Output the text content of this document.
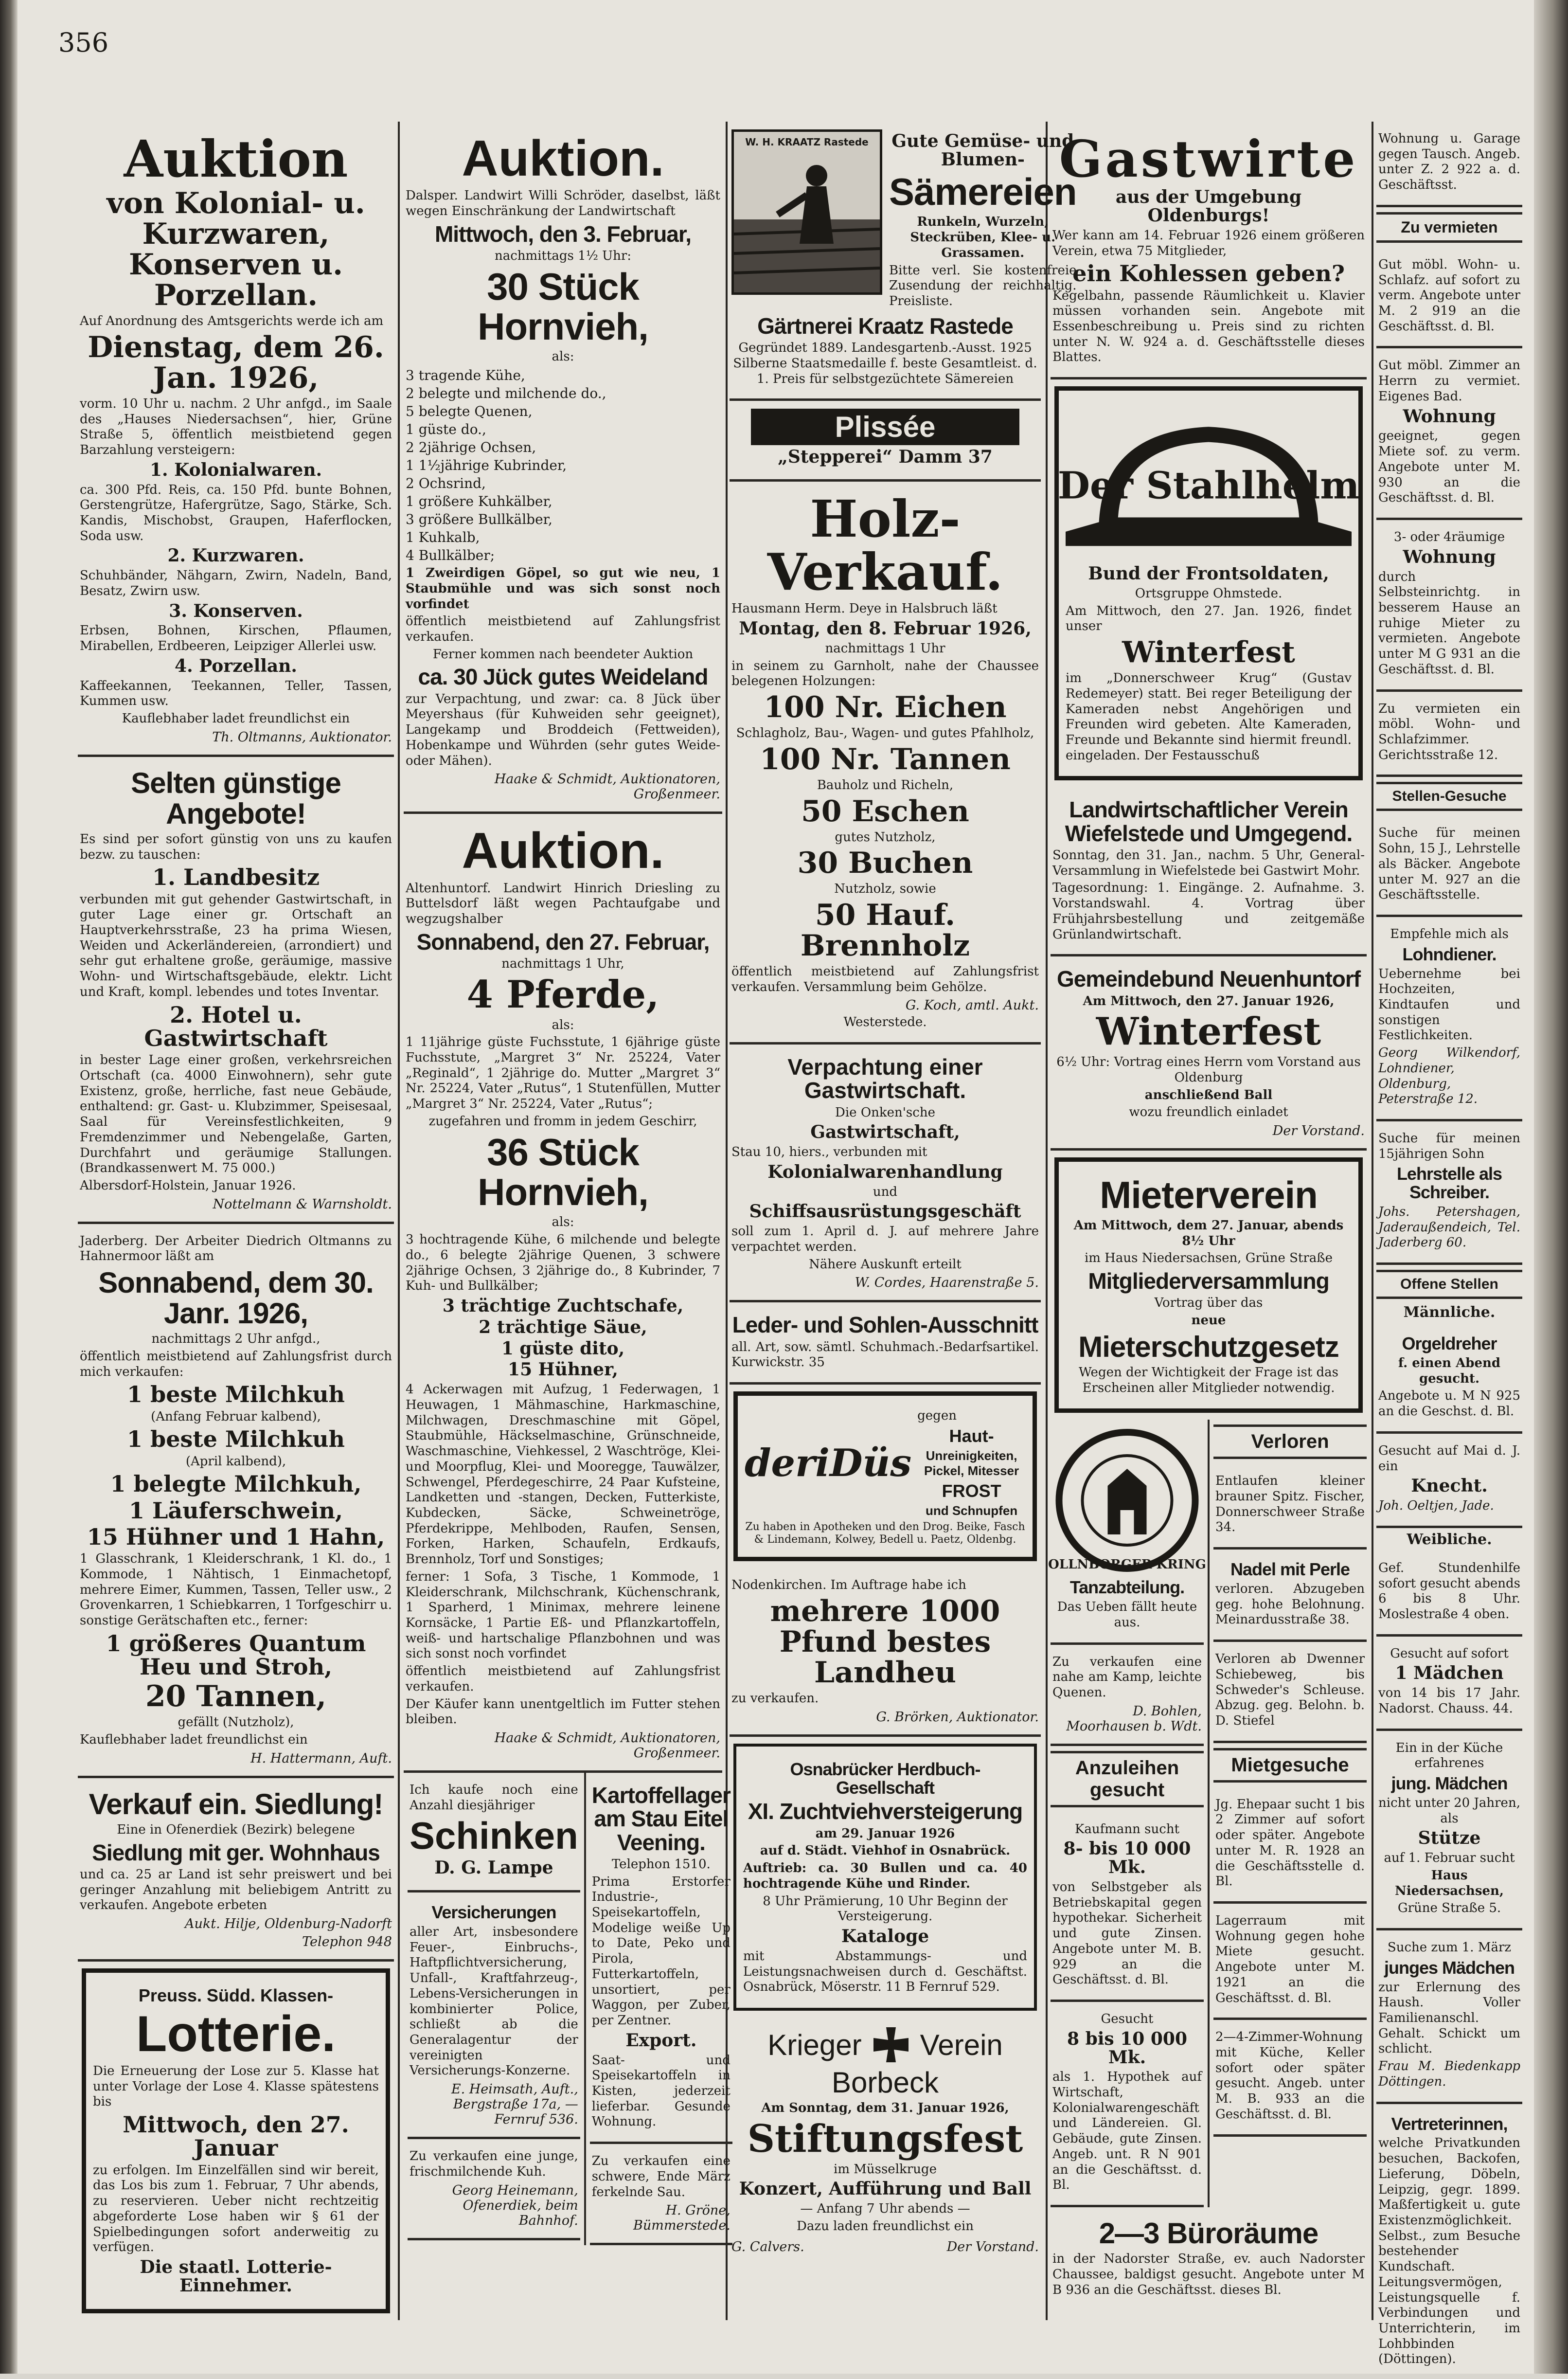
356
Auktion
von Kolonial- u. Kurzwaren, Konserven u. Porzellan.
Auf Anordnung des Amtsgerichts werde ich am
Dienstag, dem 26. Jan. 1926,
vorm. 10 Uhr u. nachm. 2 Uhr anfgd., im Saale des „Hauses Niedersachsen“, hier, Grüne Straße 5, öffentlich meistbietend gegen Barzahlung versteigern:
1. Kolonialwaren.
ca. 300 Pfd. Reis, ca. 150 Pfd. bunte Bohnen, Gerstengrütze, Hafergrütze, Sago, Stärke, Sch. Kandis, Mischobst, Graupen, Haferflocken, Soda usw.
2. Kurzwaren.
Schuhbänder, Nähgarn, Zwirn, Nadeln, Band, Besatz, Zwirn usw.
3. Konserven.
Erbsen, Bohnen, Kirschen, Pflaumen, Mirabellen, Erdbeeren, Leipziger Allerlei usw.
4. Porzellan.
Kaffeekannen, Teekannen, Teller, Tassen, Kummen usw.
Kauflebhaber ladet freundlichst ein
Th. Oltmanns, Auktionator.
Selten günstige Angebote!
Es sind per sofort günstig von uns zu kaufen bezw. zu tauschen:
1. Landbesitz
verbunden mit gut gehender Gastwirtschaft, in guter Lage einer gr. Ortschaft an Hauptverkehrsstraße, 23 ha prima Wiesen, Weiden und Ackerländereien, (arrondiert) und sehr gut erhaltene große, geräumige, massive Wohn- und Wirtschaftsgebäude, elektr. Licht und Kraft, kompl. lebendes und totes Inventar.
2. Hotel u. Gastwirtschaft
in bester Lage einer großen, verkehrsreichen Ortschaft (ca. 4000 Einwohnern), sehr gute Existenz, große, herrliche, fast neue Gebäude, enthaltend: gr. Gast- u. Klubzimmer, Speisesaal, Saal für Vereinsfestlichkeiten, 9 Fremdenzimmer und Nebengelaße, Garten, Durchfahrt und geräumige Stallungen. (Brandkassenwert M. 75 000.)
Albersdorf-Holstein, Januar 1926.
Nottelmann & Warnsholdt.
Jaderberg. Der Arbeiter Diedrich Oltmanns zu Hahnermoor läßt am
Sonnabend, dem 30. Janr. 1926,
nachmittags 2 Uhr anfgd.,
öffentlich meistbietend auf Zahlungsfrist durch mich verkaufen:
1 beste Milchkuh
(Anfang Februar kalbend),
1 beste Milchkuh
(April kalbend),
1 belegte Milchkuh,
1 Läuferschwein,
15 Hühner und 1 Hahn,
1 Glasschrank, 1 Kleiderschrank, 1 Kl. do., 1 Kommode, 1 Nähtisch, 1 Einmachetopf, mehrere Eimer, Kummen, Tassen, Teller usw., 2 Grovenkarren, 1 Schiebkarren, 1 Torfgeschirr u. sonstige Gerätschaften etc., ferner:
1 größeres Quantum Heu und Stroh,
20 Tannen,
gefällt (Nutzholz),
Kauflebhaber ladet freundlichst ein
H. Hattermann, Auft.
Verkauf ein. Siedlung!
Eine in Ofenerdiek (Bezirk) belegene
Siedlung mit ger. Wohnhaus
und ca. 25 ar Land ist sehr preiswert und bei geringer Anzahlung mit beliebigem Antritt zu verkaufen. Angebote erbeten
Aukt. Hilje, Oldenburg-Nadorft
Telephon 948
Preuss. Südd. Klassen-
Lotterie.
Die Erneuerung der Lose zur 5. Klasse hat unter Vorlage der Lose 4. Klasse spätestens bis
Mittwoch, den 27. Januar
zu erfolgen. Im Einzelfällen sind wir bereit, das Los bis zum 1. Februar, 7 Uhr abends, zu reservieren. Ueber nicht rechtzeitig abgeforderte Lose haben wir § 61 der Spielbedingungen sofort anderweitig zu verfügen.
Die staatl. Lotterie-Einnehmer.
Auktion.
Dalsper. Landwirt Willi Schröder, daselbst, läßt wegen Einschränkung der Landwirtschaft
Mittwoch, den 3. Februar,
nachmittags 1½ Uhr:
30 Stück Hornvieh,
als:
3 tragende Kühe,
2 belegte und milchende do.,
5 belegte Quenen,
1 güste do.,
2 2jährige Ochsen,
1 1½jährige Kubrinder,
2 Ochsrind,
1 größere Kuhkälber,
3 größere Bullkälber,
1 Kuhkalb,
4 Bullkälber;
1 Zweirdigen Göpel, so gut wie neu, 1 Staubmühle und was sich sonst noch vorfindet
öffentlich meistbietend auf Zahlungsfrist verkaufen.
Ferner kommen nach beendeter Auktion
ca. 30 Jück gutes Weideland
zur Verpachtung, und zwar: ca. 8 Jück über Meyershaus (für Kuhweiden sehr geeignet), Langekamp und Broddeich (Fettweiden), Hobenkampe und Wührden (sehr gutes Weide- oder Mähen).
Haake & Schmidt, Auktionatoren, Großenmeer.
Auktion.
Altenhuntorf. Landwirt Hinrich Driesling zu Buttelsdorf läßt wegen Pachtaufgabe und wegzugshalber
Sonnabend, den 27. Februar,
nachmittags 1 Uhr,
4 Pferde,
als:
1 11jährige güste Fuchsstute, 1 6jährige güste Fuchsstute, „Margret 3“ Nr. 25224, Vater „Reginald“, 1 2jährige do. Mutter „Margret 3“ Nr. 25224, Vater „Rutus“, 1 Stutenfüllen, Mutter „Margret 3“ Nr. 25224, Vater „Rutus“;
zugefahren und fromm in jedem Geschirr,
36 Stück Hornvieh,
als:
3 hochtragende Kühe, 6 milchende und belegte do., 6 belegte 2jährige Quenen, 3 schwere 2jährige Ochsen, 3 2jährige do., 8 Kubrinder, 7 Kuh- und Bullkälber;
3 trächtige Zuchtschafe,
2 trächtige Säue,
1 güste dito,
15 Hühner,
4 Ackerwagen mit Aufzug, 1 Federwagen, 1 Heuwagen, 1 Mähmaschine, Harkmaschine, Milchwagen, Dreschmaschine mit Göpel, Staubmühle, Häckselmaschine, Grünschneide, Waschmaschine, Viehkessel, 2 Waschtröge, Klei- und Moorpflug, Klei- und Mooregge, Tauwälzer, Schwengel, Pferdegeschirre, 24 Paar Kufsteine, Landketten und -stangen, Decken, Futterkiste, Kubdecken, Säcke, Schweinetröge, Pferdekrippe, Mehlboden, Raufen, Sensen, Forken, Harken, Schaufeln, Erdkaufs, Brennholz, Torf und Sonstiges;
ferner: 1 Sofa, 3 Tische, 1 Kommode, 1 Kleiderschrank, Milchschrank, Küchenschrank, 1 Sparherd, 1 Minimax, mehrere leinene Kornsäcke, 1 Partie Eß- und Pflanzkartoffeln, weiß- und hartschalige Pflanzbohnen und was sich sonst noch vorfindet
öffentlich meistbietend auf Zahlungsfrist verkaufen.
Der Käufer kann unentgeltlich im Futter stehen bleiben.
Haake & Schmidt, Auktionatoren, Großenmeer.
Ich kaufe noch eine Anzahl diesjähriger
Schinken
D. G. Lampe
Versicherungen
aller Art, insbesondere Feuer-, Einbruchs-, Haftpflichtversicherung, Unfall-, Kraftfahrzeug-, Lebens-Versicherungen in kombinierter Police, schließt ab die Generalagentur der vereinigten Versicherungs-Konzerne.
E. Heimsath, Auft., Bergstraße 17a, — Fernruf 536.
Zu verkaufen eine junge, frischmilchende Kuh.
Georg Heinemann, Ofenerdiek, beim Bahnhof.
Kartoffellager am Stau Eitel Veening.
Telephon 1510.
Prima Erstorfer Industrie-, Speisekartoffeln, Modelige weiße Up to Date, Peko und Pirola, Futterkartoffeln, unsortiert, per Waggon, per Zuber, per Zentner.
Export.
Saat- und Speisekartoffeln in Kisten, jederzeit lieferbar. Gesunde Wohnung.
Zu verkaufen eine schwere, Ende März ferkelnde Sau.
H. Gröne, Bümmerstede.
W. H. KRAATZ Rastede Gute Gemüse- und Blumen-
Sämereien
Runkeln, Wurzeln, Steckrüben, Klee- u. Grassamen.
Bitte verl. Sie kostenfreie Zusendung der reichhaltig. Preisliste.
Gärtnerei Kraatz Rastede
Gegründet 1889. Landesgartenb.-Ausst. 1925 Silberne Staatsmedaille f. beste Gesamtleist. d. 1. Preis für selbstgezüchtete Sämereien
Plissée
„Stepperei“ Damm 37
Holz-Verkauf.
Hausmann Herm. Deye in Halsbruch läßt
Montag, den 8. Februar 1926,
nachmittags 1 Uhr
in seinem zu Garnholt, nahe der Chaussee belegenen Holzungen:
100 Nr. Eichen
Schlagholz, Bau-, Wagen- und gutes Pfahlholz,
100 Nr. Tannen
Bauholz und Richeln,
50 Eschen
gutes Nutzholz,
30 Buchen
Nutzholz, sowie
50 Hauf. Brennholz
öffentlich meistbietend auf Zahlungsfrist verkaufen. Versammlung beim Gehölze.
G. Koch, amtl. Aukt.
Westerstede.
Verpachtung einer Gastwirtschaft.
Die Onken'sche
Gastwirtschaft,
Stau 10, hiers., verbunden mit
Kolonialwarenhandlung
und
Schiffsausrüstungsgeschäft
soll zum 1. April d. J. auf mehrere Jahre verpachtet werden.
Nähere Auskunft erteilt
W. Cordes, Haarenstraße 5.
Leder- und Sohlen-Ausschnitt
all. Art, sow. sämtl. Schuhmach.-Bedarfsartikel. Kurwickstr. 35
deriDüs
gegen
Haut-
Unreinigkeiten, Pickel, Mitesser
FROST
und Schnupfen
Zu haben in Apotheken und den Drog. Beike, Fasch & Lindemann, Kolwey, Bedell u. Paetz, Oldenbg.
Nodenkirchen. Im Auftrage habe ich
mehrere 1000 Pfund bestes Landheu
zu verkaufen.
G. Brörken, Auktionator.
Osnabrücker Herdbuch-Gesellschaft
XI. Zuchtviehversteigerung
am 29. Januar 1926
auf d. Städt. Viehhof in Osnabrück.
Auftrieb: ca. 30 Bullen und ca. 40 hochtragende Kühe und Rinder.
8 Uhr Prämierung, 10 Uhr Beginn der Versteigerung.
Kataloge
mit Abstammungs- und Leistungsnachweisen durch d. Geschäftst. Osnabrück, Möserstr. 11 B Fernruf 529.
Krieger Verein
Borbeck
Am Sonntag, dem 31. Januar 1926,
Stiftungsfest
im Müsselkruge
Konzert, Aufführung und Ball
— Anfang 7 Uhr abends —
Dazu laden freundlichst ein
G. Calvers.	Der Vorstand.
Gastwirte
aus der Umgebung Oldenburgs!
Wer kann am 14. Februar 1926 einem größeren Verein, etwa 75 Mitglieder,
ein Kohlessen geben?
Kegelbahn, passende Räumlichkeit u. Klavier müssen vorhanden sein. Angebote mit Essenbeschreibung u. Preis sind zu richten unter N. W. 924 a. d. Geschäftsstelle dieses Blattes.
Der Stahlhelm
Bund der Frontsoldaten,
Ortsgruppe Ohmstede.
Am Mittwoch, den 27. Jan. 1926, findet unser
Winterfest
im „Donnerschweer Krug“ (Gustav Redemeyer) statt. Bei reger Beteiligung der Kameraden nebst Angehörigen und Freunden wird gebeten. Alte Kameraden, Freunde und Bekannte sind hiermit freundl. eingeladen. Der Festausschuß
Landwirtschaftlicher Verein Wiefelstede und Umgegend.
Sonntag, den 31. Jan., nachm. 5 Uhr, General-Versammlung in Wiefelstede bei Gastwirt Mohr.
Tagesordnung: 1. Eingänge. 2. Aufnahme. 3. Vorstandswahl. 4. Vortrag über Frühjahrsbestellung und zeitgemäße Grünlandwirtschaft.
Gemeindebund Neuenhuntorf
Am Mittwoch, den 27. Januar 1926,
Winterfest
6½ Uhr: Vortrag eines Herrn vom Vorstand aus Oldenburg
anschließend Ball
wozu freundlich einladet
Der Vorstand.
Mieterverein
Am Mittwoch, dem 27. Januar, abends 8½ Uhr
im Haus Niedersachsen, Grüne Straße
Mitgliederversammlung
Vortrag über das
neue
Mieterschutzgesetz
Wegen der Wichtigkeit der Frage ist das Erscheinen aller Mitglieder notwendig.
OLLNBORGER KRING
Tanzabteilung.
Das Ueben fällt heute aus.
Zu verkaufen eine nahe am Kamp, leichte Quenen.
D. Bohlen, Moorhausen b. Wdt.
Anzuleihen gesucht
Kaufmann sucht
8- bis 10 000 Mk.
von Selbstgeber als Betriebskapital gegen hypothekar. Sicherheit und gute Zinsen. Angebote unter M. B. 929 an die Geschäftsst. d. Bl.
Gesucht
8 bis 10 000 Mk.
als 1. Hypothek auf Wirtschaft, Kolonialwarengeschäft und Ländereien. Gl. Gebäude, gute Zinsen. Angeb. unt. R N 901 an die Geschäftsst. d. Bl.
Verloren
Entlaufen kleiner brauner Spitz. Fischer, Donnerschweer Straße 34.
Nadel mit Perle
verloren. Abzugeben geg. hohe Belohnung. Meinardusstraße 38.
Verloren ab Dwenner Schiebeweg, bis Schweder's Schleuse. Abzug. geg. Belohn. b. D. Stiefel
Mietgesuche
Jg. Ehepaar sucht 1 bis 2 Zimmer auf sofort oder später. Angebote unter M. R. 1928 an die Geschäftsstelle d. Bl.
Lagerraum mit Wohnung gegen hohe Miete gesucht. Angebote unter M. 1921 an die Geschäftsst. d. Bl.
2—4-Zimmer-Wohnung mit Küche, Keller sofort oder später gesucht. Angeb. unter M. B. 933 an die Geschäftsst. d. Bl.
2—3 Büroräume
in der Nadorster Straße, ev. auch Nadorster Chaussee, baldigst gesucht. Angebote unter M B 936 an die Geschäftsst. dieses Bl.
Wohnung u. Garage gegen Tausch. Angeb. unter Z. 2 922 a. d. Geschäftsst.
Zu vermieten
Gut möbl. Wohn- u. Schlafz. auf sofort zu verm. Angebote unter M. 2 919 an die Geschäftsst. d. Bl.
Gut möbl. Zimmer an Herrn zu vermiet. Eigenes Bad.
Wohnung
geeignet, gegen Miete sof. zu verm. Angebote unter M. 930 an die Geschäftsst. d. Bl.
3- oder 4räumige
Wohnung
durch Selbsteinrichtg. in besserem Hause an ruhige Mieter zu vermieten. Angebote unter M G 931 an die Geschäftsst. d. Bl.
Zu vermieten ein möbl. Wohn- und Schlafzimmer. Gerichtsstraße 12.
Stellen-Gesuche
Suche für meinen Sohn, 15 J., Lehrstelle als Bäcker. Angebote unter M. 927 an die Geschäftsstelle.
Empfehle mich als
Lohndiener.
Uebernehme bei Hochzeiten, Kindtaufen und sonstigen Festlichkeiten.
Georg Wilkendorf, Lohndiener, Oldenburg, Peterstraße 12.
Suche für meinen 15jährigen Sohn
Lehrstelle als Schreiber.
Johs. Petershagen, Jaderaußendeich, Tel. Jaderberg 60.
Offene Stellen
Männliche.
Orgeldreher
f. einen Abend gesucht.
Angebote u. M N 925 an die Geschst. d. Bl.
Gesucht auf Mai d. J. ein
Knecht.
Joh. Oeltjen, Jade.
Weibliche.
Gef. Stundenhilfe sofort gesucht abends 6 bis 8 Uhr. Moslestraße 4 oben.
Gesucht auf sofort
1 Mädchen
von 14 bis 17 Jahr. Nadorst. Chauss. 44.
Ein in der Küche erfahrenes
jung. Mädchen
nicht unter 20 Jahren, als
Stütze
auf 1. Februar sucht
Haus Niedersachsen,
Grüne Straße 5.
Suche zum 1. März
junges Mädchen
zur Erlernung des Haush. Voller Familienanschl. Gehalt. Schickt um schlicht.
Frau M. Biedenkapp Döttingen.
Vertreterinnen,
welche Privatkunden besuchen, Backofen, Lieferung, Döbeln, Leipzig, gegr. 1899. Maßfertigkeit u. gute Existenzmöglichkeit. Selbst., zum Besuche bestehender Kundschaft. Leitungsvermögen, Leistungsquelle f. Verbindungen und Unterrichterin, im Lohbbinden (Döttingen).
